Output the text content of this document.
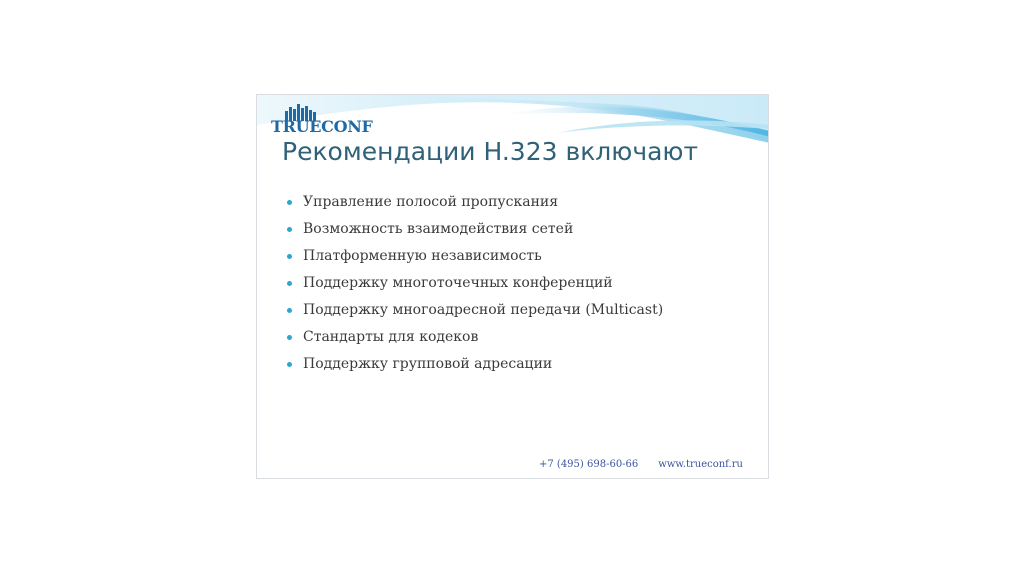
TRUECONF
Рекомендации H.323 включают
Управление полосой пропускания
Возможность взаимодействия сетей
Платформенную независимость
Поддержку многоточечных конференций
Поддержку многоадресной передачи (Multicast)
Стандарты для кодеков
Поддержку групповой адресации
+7 (495) 698-60-66 www.trueconf.ru
